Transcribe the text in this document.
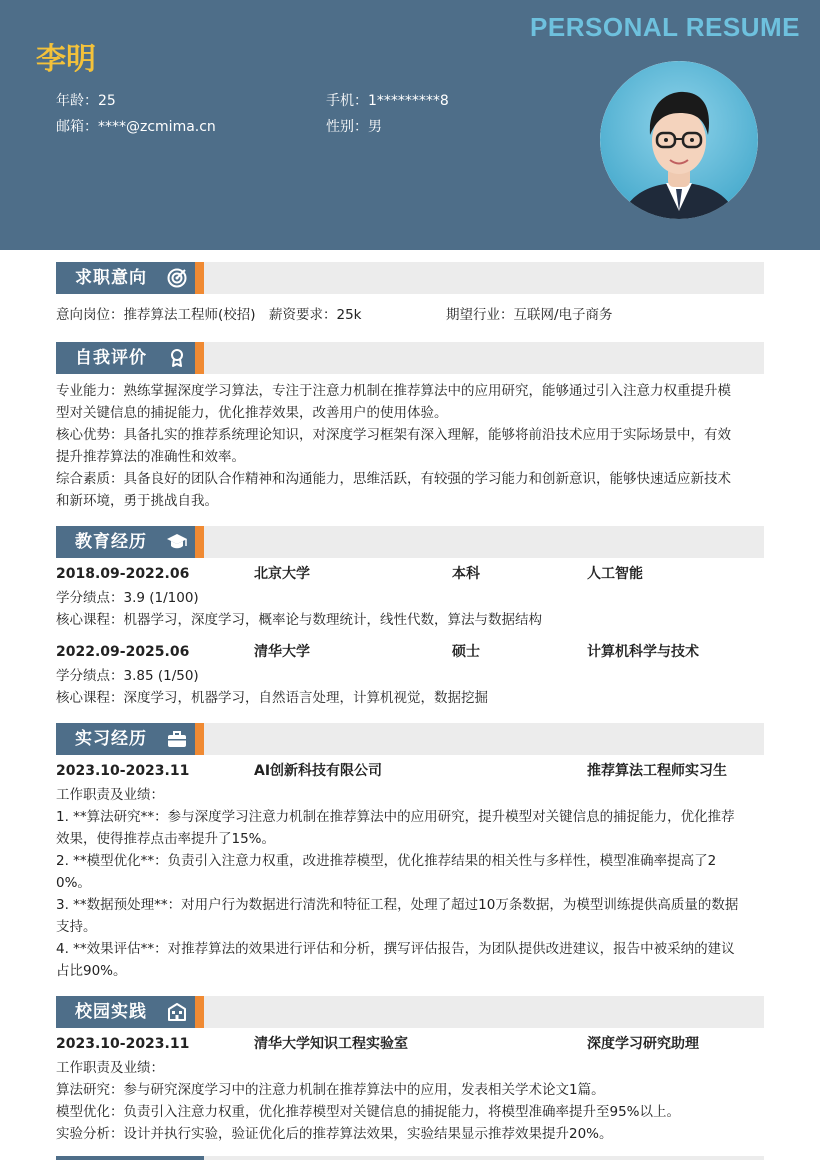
PERSONAL RESUME
李明
年龄：25	手机：1*********8
邮箱：****@zcmima.cn	性别：男
求职意向
意向岗位：推荐算法工程师(校招) 薪资要求：25k	期望行业：互联网/电子商务
自我评价
专业能力：熟练掌握深度学习算法，专注于注意力机制在推荐算法中的应用研究，能够通过引入注意力权重提升模
型对关键信息的捕捉能力，优化推荐效果，改善用户的使用体验。
核心优势：具备扎实的推荐系统理论知识，对深度学习框架有深入理解，能够将前沿技术应用于实际场景中，有效
提升推荐算法的准确性和效率。
综合素质：具备良好的团队合作精神和沟通能力，思维活跃，有较强的学习能力和创新意识，能够快速适应新技术
和新环境，勇于挑战自我。
教育经历
2018.09-2022.06	北京大学	本科	人工智能
学分绩点：3.9 (1/100)
核心课程：机器学习，深度学习，概率论与数理统计，线性代数，算法与数据结构
2022.09-2025.06	清华大学	硕士	计算机科学与技术
学分绩点：3.85 (1/50)
核心课程：深度学习，机器学习，自然语言处理，计算机视觉，数据挖掘
实习经历
2023.10-2023.11	AI创新科技有限公司	推荐算法工程师实习生
工作职责及业绩：
1. **算法研究**：参与深度学习注意力机制在推荐算法中的应用研究，提升模型对关键信息的捕捉能力，优化推荐
效果，使得推荐点击率提升了15%。
2. **模型优化**：负责引入注意力权重，改进推荐模型，优化推荐结果的相关性与多样性，模型准确率提高了2
0%。
3. **数据预处理**：对用户行为数据进行清洗和特征工程，处理了超过10万条数据，为模型训练提供高质量的数据
支持。
4. **效果评估**：对推荐算法的效果进行评估和分析，撰写评估报告，为团队提供改进建议，报告中被采纳的建议
占比90%。
校园实践
2023.10-2023.11	清华大学知识工程实验室	深度学习研究助理
工作职责及业绩：
算法研究：参与研究深度学习中的注意力机制在推荐算法中的应用，发表相关学术论文1篇。
模型优化：负责引入注意力权重，优化推荐模型对关键信息的捕捉能力，将模型准确率提升至95%以上。
实验分析：设计并执行实验，验证优化后的推荐算法效果，实验结果显示推荐效果提升20%。
